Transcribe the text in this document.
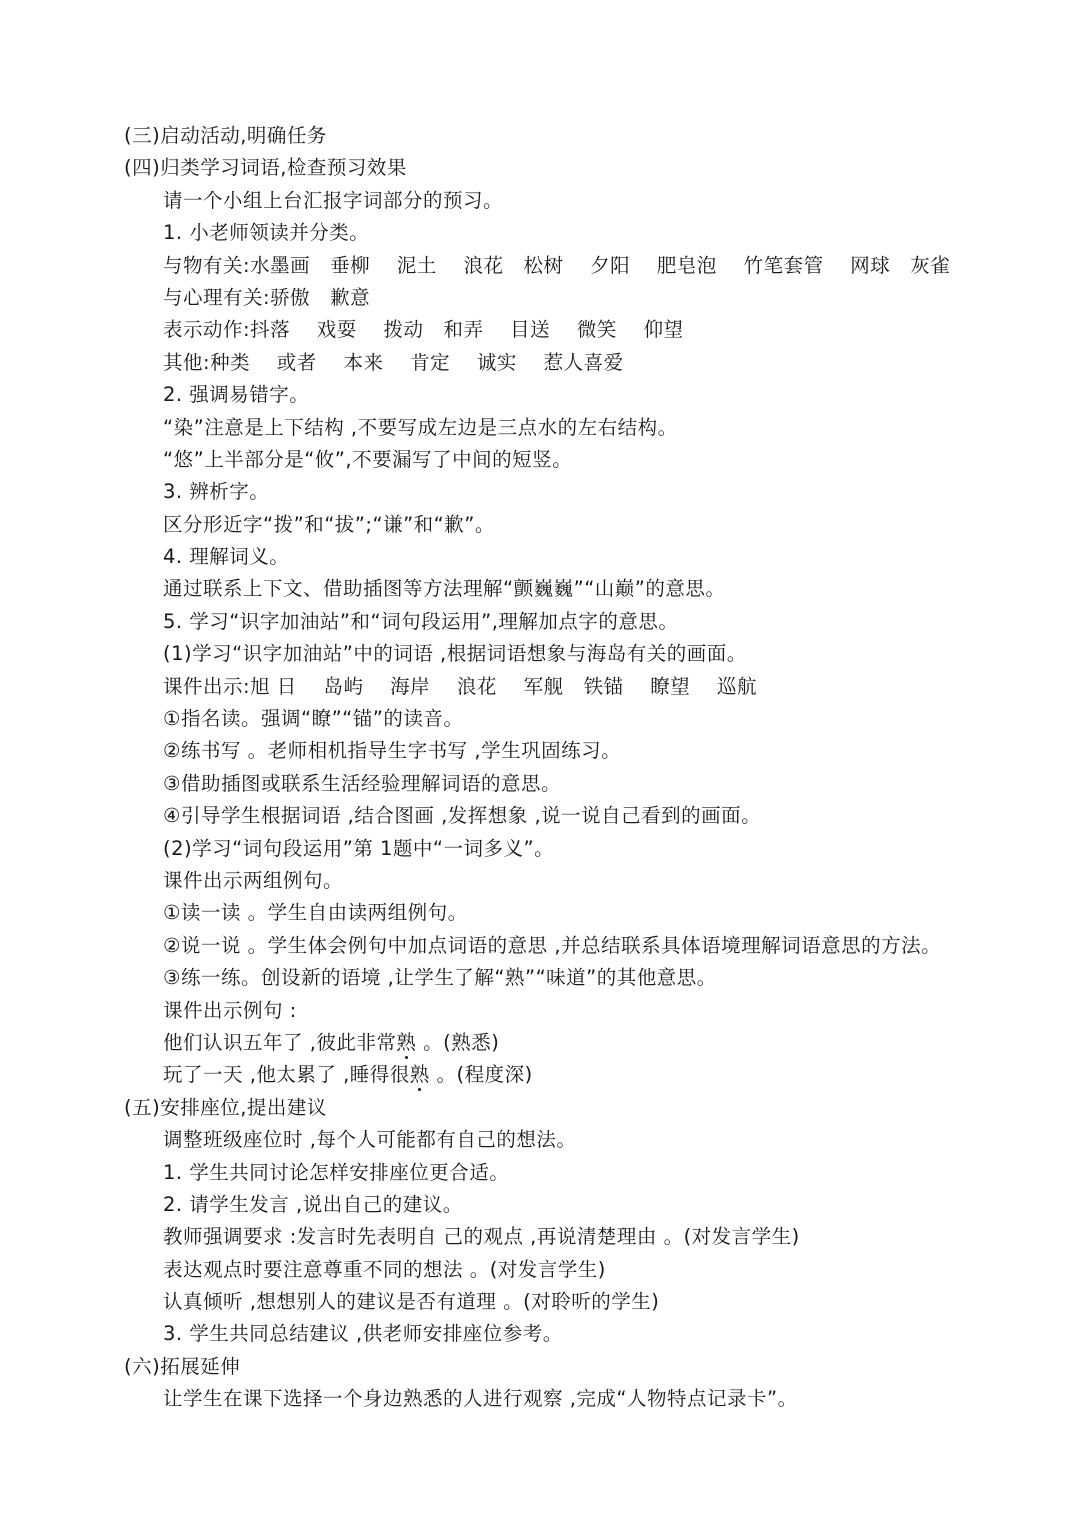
(三)启动活动,明确任务
(四)归类学习词语,检查预习效果
请一个小组上台汇报字词部分的预习。
1. 小老师领读并分类。
与物有关:水墨画　垂柳　 泥土　 浪花　松树　 夕阳　 肥皂泡　 竹笔套管　 网球　灰雀
与心理有关:骄傲　歉意
表示动作:抖落　 戏耍　 拨动　和弄　 目送　 微笑　 仰望
其他:种类　 或者　 本来　 肯定　 诚实　 惹人喜爱
2. 强调易错字。
“染”注意是上下结构 ,不要写成左边是三点水的左右结构。
“悠”上半部分是“攸”,不要漏写了中间的短竖。
3. 辨析字。
区分形近字“拨”和“拔”;“谦”和“歉”。
4. 理解词义。
通过联系上下文、借助插图等方法理解“颤巍巍”“山巅”的意思。
5. 学习“识字加油站”和“词句段运用”,理解加点字的意思。
(1)学习“识字加油站”中的词语 ,根据词语想象与海岛有关的画面。
课件出示:旭 日　 岛屿　 海岸　 浪花　 军舰　铁锚　 瞭望　 巡航
①指名读。强调“瞭”“锚”的读音。
②练书写 。老师相机指导生字书写 ,学生巩固练习。
③借助插图或联系生活经验理解词语的意思。
④引导学生根据词语 ,结合图画 ,发挥想象 ,说一说自己看到的画面。
(2)学习“词句段运用”第 1题中“一词多义”。
课件出示两组例句。
①读一读 。学生自由读两组例句。
②说一说 。学生体会例句中加点词语的意思 ,并总结联系具体语境理解词语意思的方法。
③练一练。创设新的语境 ,让学生了解“熟”“味道”的其他意思。
课件出示例句 :
他们认识五年了 ,彼此非常熟 。(熟悉)
玩了一天 ,他太累了 ,睡得很熟 。(程度深)
(五)安排座位,提出建议
调整班级座位时 ,每个人可能都有自己的想法。
1. 学生共同讨论怎样安排座位更合适。
2. 请学生发言 ,说出自己的建议。
教师强调要求 :发言时先表明自 己的观点 ,再说清楚理由 。(对发言学生)
表达观点时要注意尊重不同的想法 。(对发言学生)
认真倾听 ,想想别人的建议是否有道理 。(对聆听的学生)
3. 学生共同总结建议 ,供老师安排座位参考。
(六)拓展延伸
让学生在课下选择一个身边熟悉的人进行观察 ,完成“人物特点记录卡”。
